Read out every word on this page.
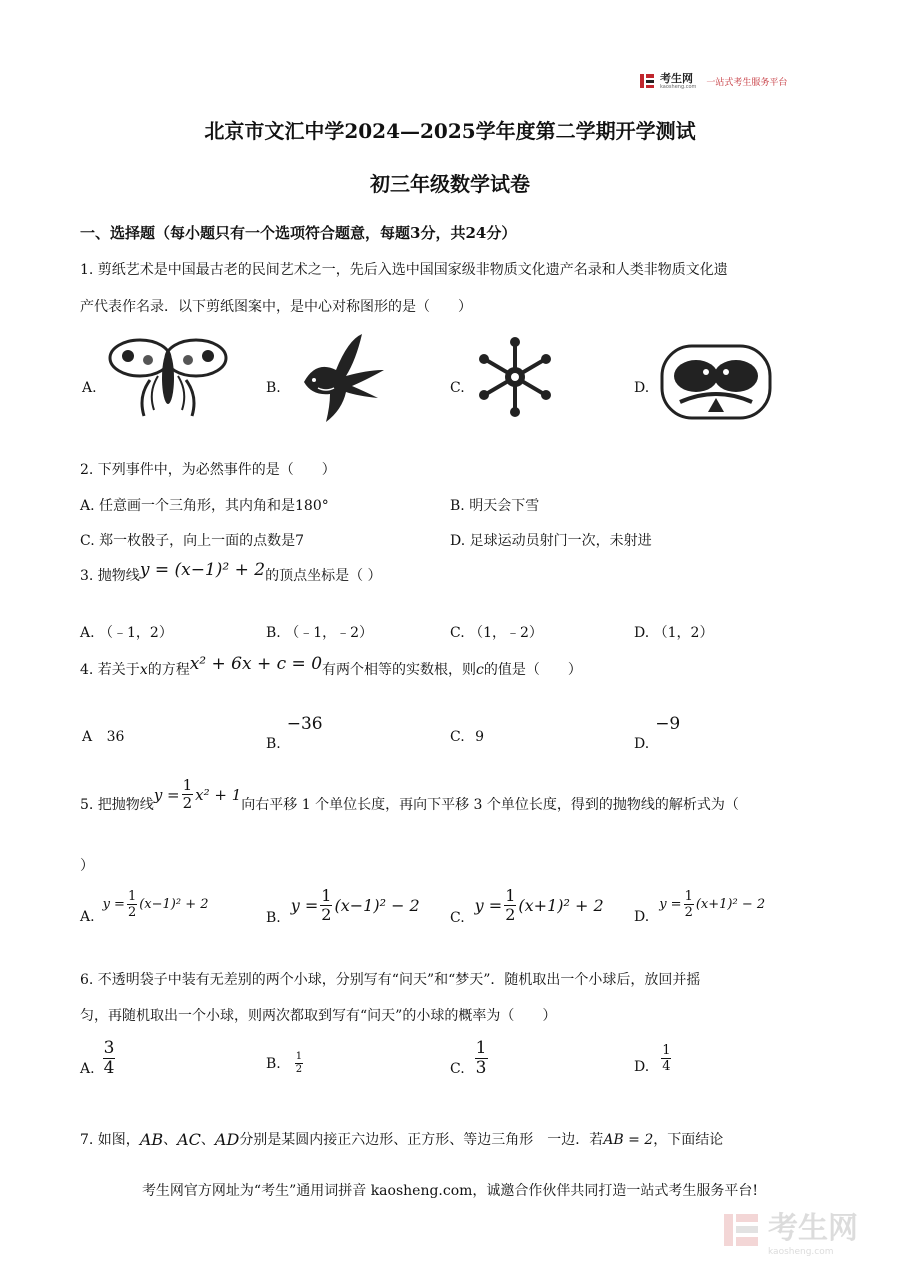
考生网
kaosheng.com 一站式考生服务平台
北京市文汇中学2024—2025学年度第二学期开学测试
初三年级数学试卷
一、选择题（每小题只有一个选项符合题意，每题3分，共24分）
1. 剪纸艺术是中国最古老的民间艺术之一，先后入选中国国家级非物质文化遗产名录和人类非物质文化遗
产代表作名录．以下剪纸图案中，是中心对称图形的是（　　）
A.	B.	C.	D.
2. 下列事件中，为必然事件的是（　　）
A. 任意画一个三角形，其内角和是180°	B. 明天会下雪
C. 郑一枚骰子，向上一面的点数是7	D. 足球运动员射门一次，未射进
3. 抛物线 y = (x−1)² + 2 的顶点坐标是（ ）
A. （﹣1，2）	B. （﹣1，﹣2）	C. （1，﹣2）	D. （1，2）
4. 若关于 x 的方程 x² + 6x + c = 0 有两个相等的实数根，则 c 的值是（　　）
A 36	B.
−36
C. 9	D.
−9
5. 把抛物线
$y = \frac{1}{2} x^2 + 1$
向右平移 1 个单位长度，再向下平移 3 个单位长度，得到的抛物线的解析式为（
）
A.
$y = \frac{1}{2} (x-1)^2 + 2$
B.
$y = \frac{1}{2} (x-1)^2 - 2$
C.
$y = \frac{1}{2} (x+1)^2 + 2$
D.
$y = \frac{1}{2} (x+1)^2 - 2$
6. 不透明袋子中装有无差别的两个小球，分别写有“问天”和“梦天”．随机取出一个小球后，放回并摇
匀，再随机取出一个小球，则两次都取到写有“问天”的小球的概率为（　　）
A. $\frac{3}{4}$	B. $\frac{1}{2}$	C. $\frac{1}{3}$	D. $\frac{1}{4}$
7. 如图， AB 、 AC 、 AD 分别是某圆内接正六边形、正方形、等边三角形　一边．若 AB = 2 ，下面结论
考生网官方网址为“考生”通用词拼音 kaosheng.com，诚邀合作伙伴共同打造一站式考生服务平台!
考生网
kaosheng.com
